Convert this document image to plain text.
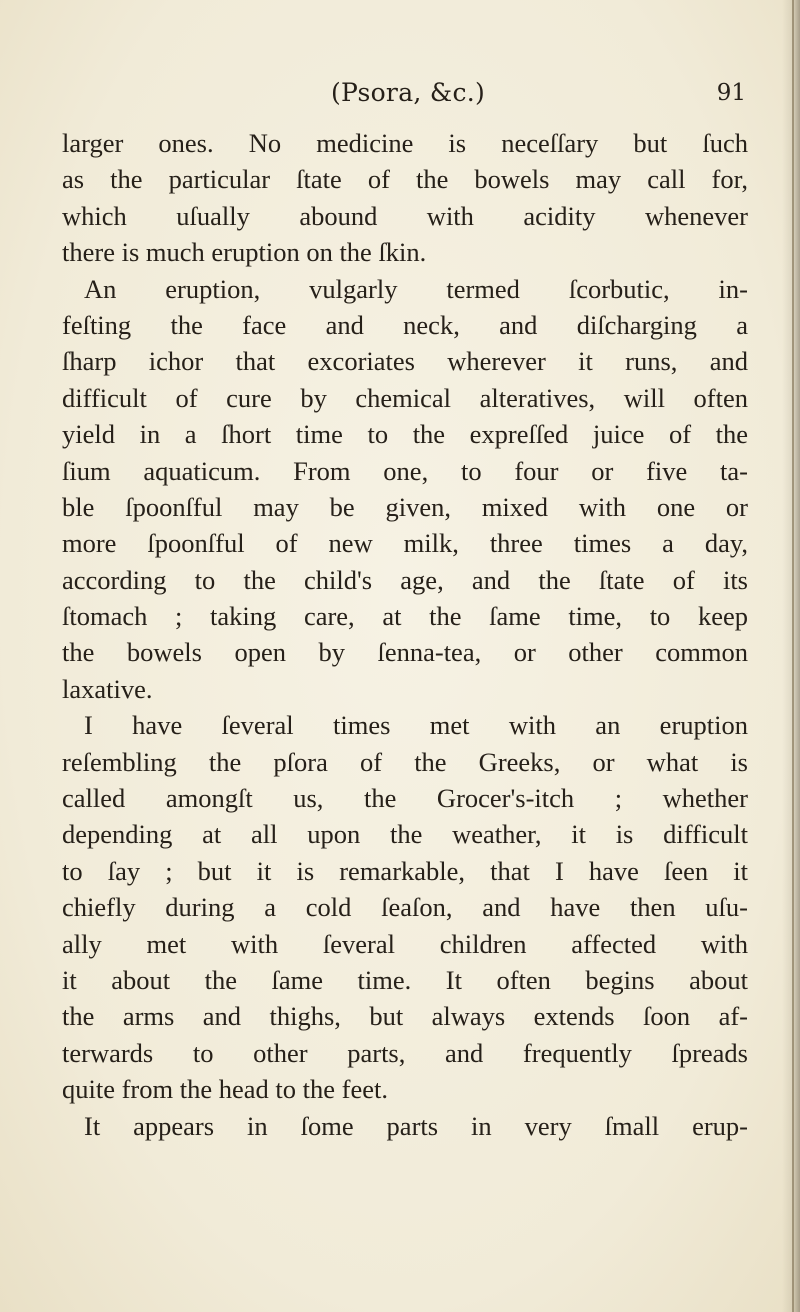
(Psora, &c.)	91
larger ones. No medicine is neceſſary but ſuch
as the particular ſtate of the bowels may call for,
which uſually abound with acidity whenever
there is much eruption on the ſkin.
An eruption, vulgarly termed ſcorbutic, in-
feſting the face and neck, and diſcharging a
ſharp ichor that excoriates wherever it runs, and
difficult of cure by chemical alteratives, will often
yield in a ſhort time to the expreſſed juice of the
ſium aquaticum. From one, to four or five ta-
ble ſpoonſful may be given, mixed with one or
more ſpoonſful of new milk, three times a day,
according to the child's age, and the ſtate of its
ſtomach ; taking care, at the ſame time, to keep
the bowels open by ſenna-tea, or other common
laxative.
I have ſeveral times met with an eruption
reſembling the pſora of the Greeks, or what is
called amongſt us, the Grocer's-itch ; whether
depending at all upon the weather, it is difficult
to ſay ; but it is remarkable, that I have ſeen it
chiefly during a cold ſeaſon, and have then uſu-
ally met with ſeveral children affected with
it about the ſame time. It often begins about
the arms and thighs, but always extends ſoon af-
terwards to other parts, and frequently ſpreads
quite from the head to the feet.
It appears in ſome parts in very ſmall erup-
